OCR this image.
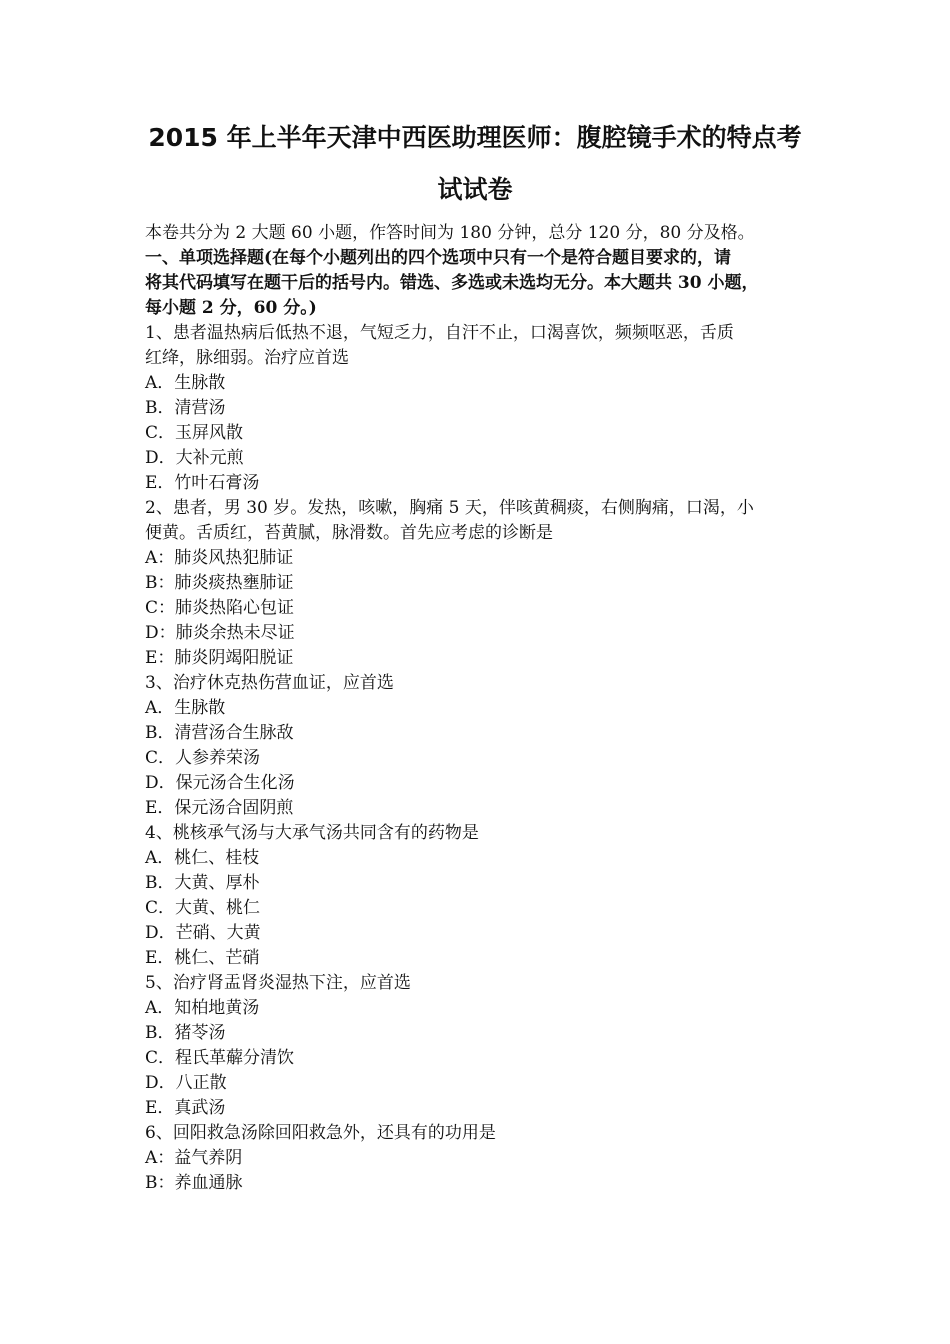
2015 年上半年天津中西医助理医师：腹腔镜手术的特点考
试试卷
本卷共分为 2 大题 60 小题，作答时间为 180 分钟，总分 120 分，80 分及格。
一、单项选择题(在每个小题列出的四个选项中只有一个是符合题目要求的，请
将其代码填写在题干后的括号内。错选、多选或未选均无分。本大题共 30 小题，
每小题 2 分，60 分。)
1、患者温热病后低热不退，气短乏力，自汗不止，口渴喜饮，频频呕恶，舌质
红绛，脉细弱。治疗应首选
A．生脉散
B．清营汤
C．玉屏风散
D．大补元煎
E．竹叶石膏汤
2、患者，男 30 岁。发热，咳嗽，胸痛 5 天，伴咳黄稠痰，右侧胸痛，口渴，小
便黄。舌质红，苔黄腻，脉滑数。首先应考虑的诊断是
A：肺炎风热犯肺证
B：肺炎痰热壅肺证
C：肺炎热陷心包证
D：肺炎余热未尽证
E：肺炎阴竭阳脱证
3、治疗休克热伤营血证，应首选
A．生脉散
B．清营汤合生脉敌
C．人参养荣汤
D．保元汤合生化汤
E．保元汤合固阴煎
4、桃核承气汤与大承气汤共同含有的药物是
A．桃仁、桂枝
B．大黄、厚朴
C．大黄、桃仁
D．芒硝、大黄
E．桃仁、芒硝
5、治疗肾盂肾炎湿热下注，应首选
A．知柏地黄汤
B．猪苓汤
C．程氏革薢分清饮
D．八正散
E．真武汤
6、回阳救急汤除回阳救急外，还具有的功用是
A：益气养阴
B：养血通脉
